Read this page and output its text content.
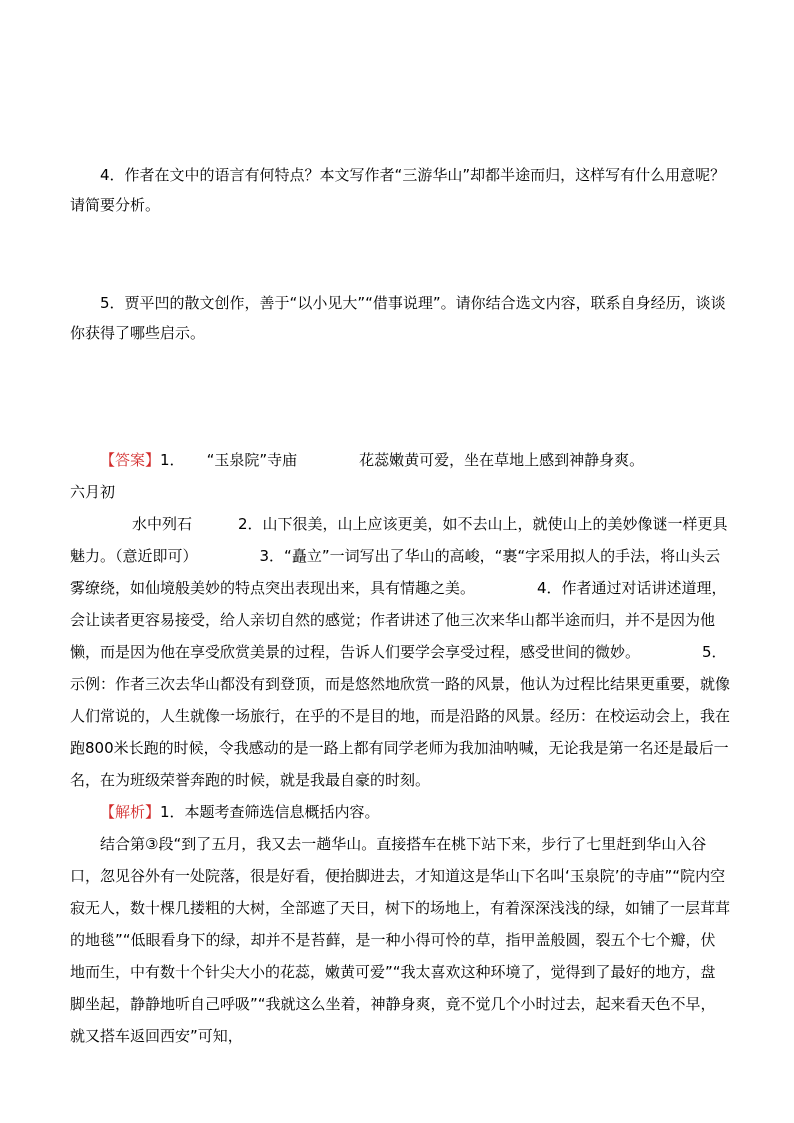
4．作者在文中的语言有何特点？本文写作者“三游华山”却都半途而归，这样写有什么用意呢？请简要分析。
5．贾平凹的散文创作，善于“以小见大”“借事说理”。请你结合选文内容，联系自身经历，谈谈你获得了哪些启示。
【答案】1． “玉泉院”寺庙	花蕊嫩黄可爱，坐在草地上感到神静身爽。六月初
水中列石	2．山下很美，山上应该更美，如不去山上，就使山上的美妙像谜一样更具魅力。（意近即可）	3．“矗立”一词写出了华山的高峻，“裹“字采用拟人的手法，将山头云雾缭绕，如仙境般美妙的特点突出表现出来，具有情趣之美。	4．作者通过对话讲述道理，会让读者更容易接受，给人亲切自然的感觉；作者讲述了他三次来华山都半途而归，并不是因为他懒，而是因为他在享受欣赏美景的过程，告诉人们要学会享受过程，感受世间的微妙。	5．示例：作者三次去华山都没有到登顶，而是悠然地欣赏一路的风景，他认为过程比结果更重要，就像人们常说的，人生就像一场旅行，在乎的不是目的地，而是沿路的风景。经历：在校运动会上，我在跑800米长跑的时候，令我感动的是一路上都有同学老师为我加油呐喊，无论我是第一名还是最后一名，在为班级荣誉奔跑的时候，就是我最自豪的时刻。
【解析】1．本题考查筛选信息概括内容。
结合第③段“到了五月，我又去一趟华山。直接搭车在桃下站下来，步行了七里赶到华山入谷口，忽见谷外有一处院落，很是好看，便抬脚进去，才知道这是华山下名叫‘玉泉院’的寺庙”“院内空寂无人，数十棵几搂粗的大树，全部遮了天日，树下的场地上，有着深深浅浅的绿，如铺了一层茸茸的地毯”“低眼看身下的绿，却并不是苔藓，是一种小得可怜的草，指甲盖般圆，裂五个七个瓣，伏地而生，中有数十个针尖大小的花蕊，嫩黄可爱”“我太喜欢这种环境了，觉得到了最好的地方，盘脚坐起，静静地听自己呼吸”“我就这么坐着，神静身爽，竟不觉几个小时过去，起来看天色不早，就又搭车返回西安”可知，
